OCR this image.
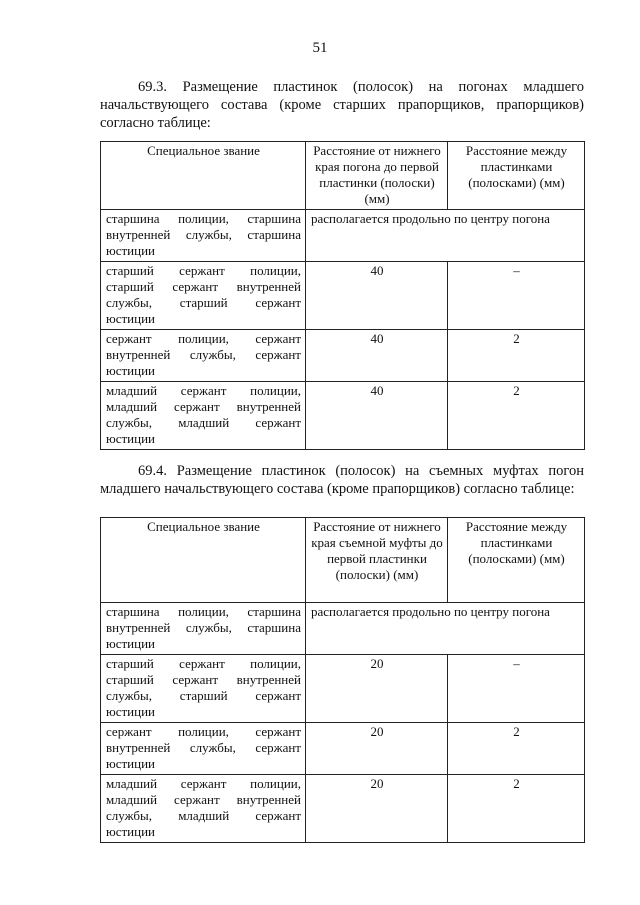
51
69.3. Размещение пластинок (полосок) на погонах младшего начальствующего состава (кроме старших прапорщиков, прапорщиков) согласно таблице:
Специальное звание	Расстояние от нижнего края погона до первой пластинки (полоски) (мм)	Расстояние между пластинками (полосками) (мм)
старшина полиции, старшина внутренней службы, старшина юстиции	располагается продольно по центру погона	
старший сержант полиции, старший сержант внутренней службы, старший сержант юстиции	40	–
сержант полиции, сержант внутренней службы, сержант юстиции	40	2
младший сержант полиции, младший сержант внутренней службы, младший сержант юстиции	40	2
69.4. Размещение пластинок (полосок) на съемных муфтах погон младшего начальствующего состава (кроме прапорщиков) согласно таблице:
Специальное звание	Расстояние от нижнего края съемной муфты до первой пластинки (полоски) (мм)	Расстояние между пластинками (полосками) (мм)
старшина полиции, старшина внутренней службы, старшина юстиции	располагается продольно по центру погона	
старший сержант полиции, старший сержант внутренней службы, старший сержант юстиции	20	–
сержант полиции, сержант внутренней службы, сержант юстиции	20	2
младший сержант полиции, младший сержант внутренней службы, младший сержант юстиции	20	2
